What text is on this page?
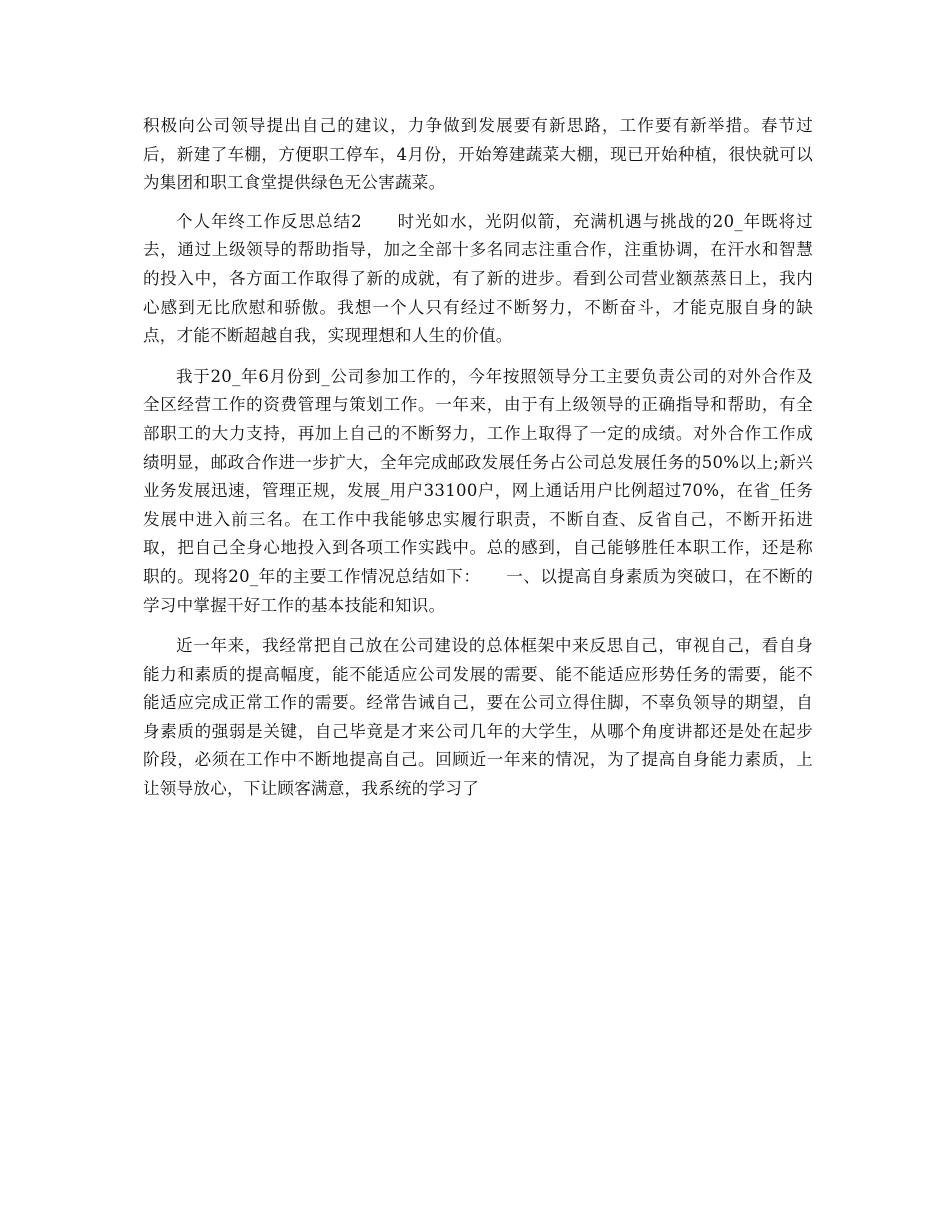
积极向公司领导提出自己的建议，力争做到发展要有新思路，工作要有新举措。春节过后，新建了车棚，方便职工停车，4月份，开始筹建蔬菜大棚，现已开始种植，很快就可以为集团和职工食堂提供绿色无公害蔬菜。

个人年终工作反思总结2　　时光如水，光阴似箭，充满机遇与挑战的20_年既将过去，通过上级领导的帮助指导，加之全部十多名同志注重合作，注重协调，在汗水和智慧的投入中，各方面工作取得了新的成就，有了新的进步。看到公司营业额蒸蒸日上，我内心感到无比欣慰和骄傲。我想一个人只有经过不断努力，不断奋斗，才能克服自身的缺点，才能不断超越自我，实现理想和人生的价值。

我于20_年6月份到_公司参加工作的，今年按照领导分工主要负责公司的对外合作及全区经营工作的资费管理与策划工作。一年来，由于有上级领导的正确指导和帮助，有全部职工的大力支持，再加上自己的不断努力，工作上取得了一定的成绩。对外合作工作成绩明显，邮政合作进一步扩大，全年完成邮政发展任务占公司总发展任务的50%以上;新兴业务发展迅速，管理正规，发展_用户33100户，网上通话用户比例超过70%，在省_任务发展中进入前三名。在工作中我能够忠实履行职责，不断自查、反省自己，不断开拓进取，把自己全身心地投入到各项工作实践中。总的感到，自己能够胜任本职工作，还是称职的。现将20_年的主要工作情况总结如下：　　一、以提高自身素质为突破口，在不断的学习中掌握干好工作的基本技能和知识。

近一年来，我经常把自己放在公司建设的总体框架中来反思自己，审视自己，看自身能力和素质的提高幅度，能不能适应公司发展的需要、能不能适应形势任务的需要，能不能适应完成正常工作的需要。经常告诫自己，要在公司立得住脚，不辜负领导的期望，自身素质的强弱是关键，自己毕竟是才来公司几年的大学生，从哪个角度讲都还是处在起步阶段，必须在工作中不断地提高自己。回顾近一年来的情况，为了提高自身能力素质，上让领导放心，下让顾客满意，我系统的学习了
